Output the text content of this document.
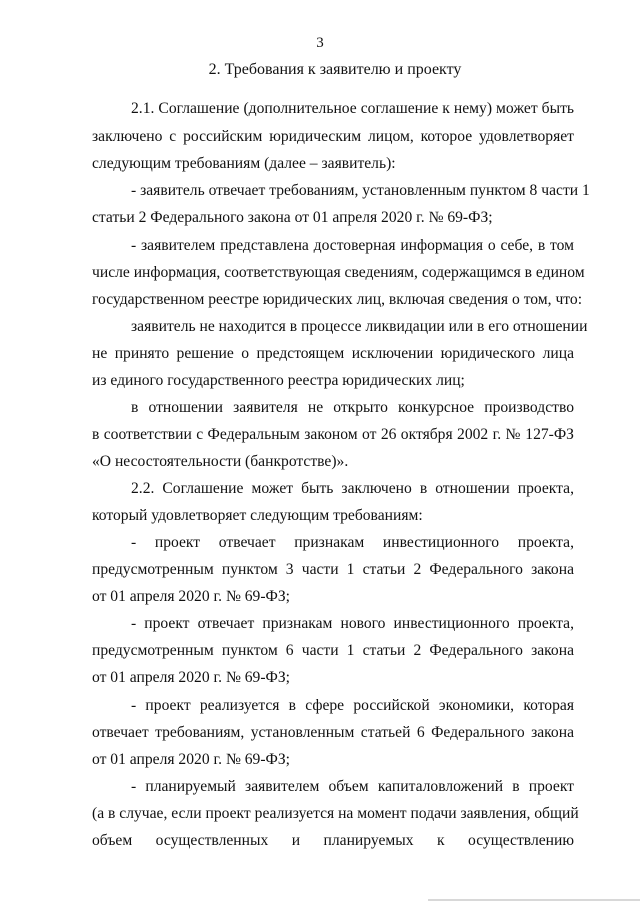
3
2. Требования к заявителю и проекту
2.1. Соглашение (дополнительное соглашение к нему) может быть
заключено с российским юридическим лицом, которое удовлетворяет
следующим требованиям (далее – заявитель):
- заявитель отвечает требованиям, установленным пунктом 8 части 1
статьи 2 Федерального закона от 01 апреля 2020 г. № 69-ФЗ;
- заявителем представлена достоверная информация о себе, в том
числе информация, соответствующая сведениям, содержащимся в едином
государственном реестре юридических лиц, включая сведения о том, что:
заявитель не находится в процессе ликвидации или в его отношении
не принято решение о предстоящем исключении юридического лица
из единого государственного реестра юридических лиц;
в отношении заявителя не открыто конкурсное производство
в соответствии с Федеральным законом от 26 октября 2002 г. № 127-ФЗ
«О несостоятельности (банкротстве)».
2.2. Соглашение может быть заключено в отношении проекта,
который удовлетворяет следующим требованиям:
- проект отвечает признакам инвестиционного проекта,
предусмотренным пунктом 3 части 1 статьи 2 Федерального закона
от 01 апреля 2020 г. № 69-ФЗ;
- проект отвечает признакам нового инвестиционного проекта,
предусмотренным пунктом 6 части 1 статьи 2 Федерального закона
от 01 апреля 2020 г. № 69-ФЗ;
- проект реализуется в сфере российской экономики, которая
отвечает требованиям, установленным статьей 6 Федерального закона
от 01 апреля 2020 г. № 69-ФЗ;
- планируемый заявителем объем капиталовложений в проект
(а в случае, если проект реализуется на момент подачи заявления, общий
объем осуществленных и планируемых к осуществлению
